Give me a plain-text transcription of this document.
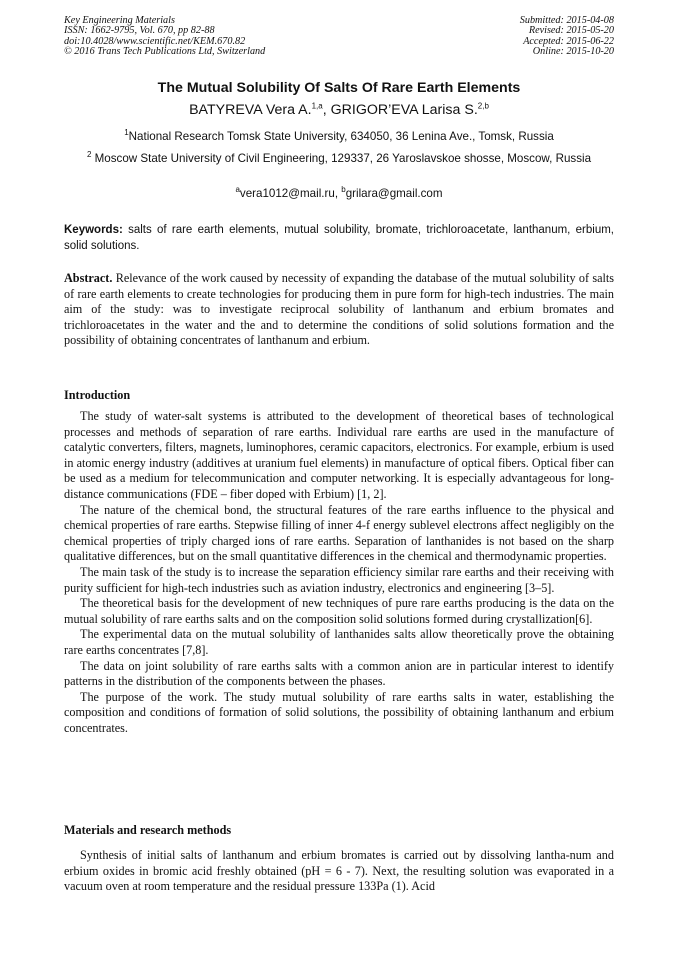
Key Engineering Materials
ISSN: 1662-9795, Vol. 670, pp 82-88
doi:10.4028/www.scientific.net/KEM.670.82
© 2016 Trans Tech Publications Ltd, Switzerland
Submitted: 2015-04-08
Revised: 2015-05-20
Accepted: 2015-06-22
Online: 2015-10-20
The Mutual Solubility Of Salts Of Rare Earth Elements
BATYREVA Vera A.$^{1,a}$, GRIGOR’EVA Larisa S.$^{2,b}$
$^1$National Research Tomsk State University, 634050, 36 Lenina Ave., Tomsk, Russia
$^2$ Moscow State University of Civil Engineering, 129337, 26 Yaroslavskoe shosse, Moscow, Russia
$^a$vera1012@mail.ru, $^b$grilara@gmail.com
Keywords: salts of rare earth elements, mutual solubility, bromate, trichloroacetate, lanthanum, erbium, solid solutions.

Abstract. Relevance of the work caused by necessity of expanding the database of the mutual solubility of salts of rare earth elements to create technologies for producing them in pure form for high-tech industries. The main aim of the study: was to investigate reciprocal solubility of lanthanum and erbium bromates and trichloroacetates in the water and the and to determine the conditions of solid solutions formation and the possibility of obtaining concentrates of lanthanum and erbium.

Introduction

The study of water-salt systems is attributed to the development of theoretical bases of technological processes and methods of separation of rare earths. Individual rare earths are used in the manufacture of catalytic converters, filters, magnets, luminophores, ceramic capacitors, electronics. For example, erbium is used in atomic energy industry (additives at uranium fuel elements) in manufacture of optical fibers. Optical fiber can be used as a medium for telecommunication and computer networking. It is especially advantageous for long-distance communications (FDE – fiber doped with Erbium) [1, 2].

The nature of the chemical bond, the structural features of the rare earths influence to the physical and chemical properties of rare earths. Stepwise filling of inner 4-f energy sublevel electrons affect negligibly on the chemical properties of triply charged ions of rare earths. Separation of lanthanides is not based on the sharp qualitative differences, but on the small quantitative differences in the chemical and thermodynamic properties.

The main task of the study is to increase the separation efficiency similar rare earths and their receiving with purity sufficient for high-tech industries such as aviation industry, electronics and engineering [3–5].

The theoretical basis for the development of new techniques of pure rare earths producing is the data on the mutual solubility of rare earths salts and on the composition solid solutions formed during crystallization[6].

The experimental data on the mutual solubility of lanthanides salts allow theoretically prove the obtaining rare earths concentrates [7,8].

The data on joint solubility of rare earths salts with a common anion are in particular interest to identify patterns in the distribution of the components between the phases.

The purpose of the work. The study mutual solubility of rare earths salts in water, establishing the composition and conditions of formation of solid solutions, the possibility of obtaining lanthanum and erbium concentrates.

Materials and research methods

Synthesis of initial salts of lanthanum and erbium bromates is carried out by dissolving lantha-num and erbium oxides in bromic acid freshly obtained (pH = 6 - 7). Next, the resulting solution was evaporated in a vacuum oven at room temperature and the residual pressure 133Pa (1). Acid
